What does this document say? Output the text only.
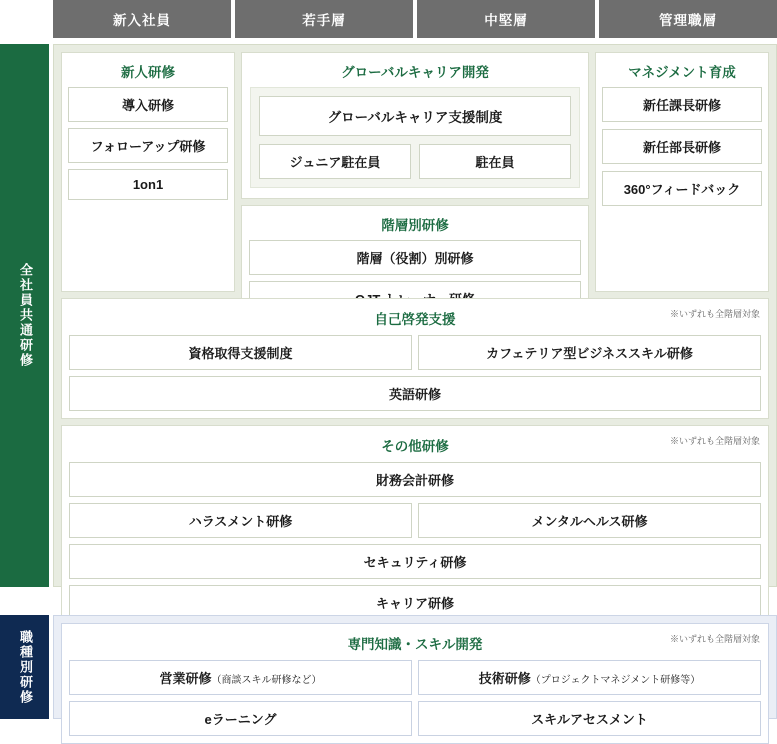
新入社員	若手層	中堅層	管理職層
全社員共通研修
職種別研修
新人研修
導入研修
フォローアップ研修
1on1
グローバルキャリア開発
グローバルキャリア支援制度
ジュニア駐在員	駐在員
階層別研修
階層（役割）別研修
マネジメント育成
新任課長研修
新任部長研修
360°フィードバック
※いずれも全階層対象
自己啓発支援
資格取得支援制度	カフェテリア型ビジネススキル研修
英語研修
※いずれも全階層対象
その他研修
財務会計研修
ハラスメント研修	メンタルヘルス研修
セキュリティ研修
キャリア研修
※いずれも全階層対象
専門知識・スキル開発
営業研修（商談スキル研修など）	技術研修（プロジェクトマネジメント研修等）
eラーニング	スキルアセスメント
